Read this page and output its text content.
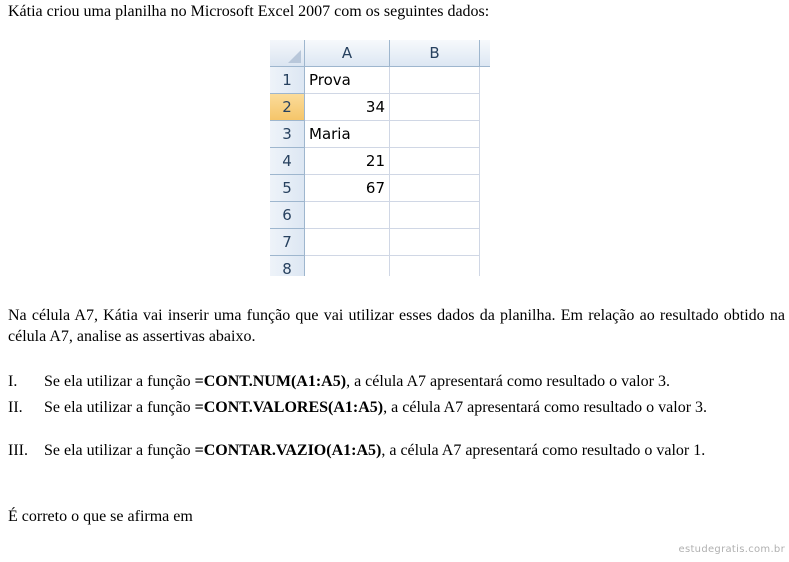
Kátia criou uma planilha no Microsoft Excel 2007 com os seguintes dados:

A	B
1	Prova
2	34
3	Maria
4	21
5	67
6
7
8

Na célula A7, Kátia vai inserir uma função que vai utilizar esses dados da planilha. Em relação ao resultado obtido na célula A7, analise as assertivas abaixo.

I.	Se ela utilizar a função =CONT.NUM(A1:A5), a célula A7 apresentará como resultado o valor 3.
II.	Se ela utilizar a função =CONT.VALORES(A1:A5), a célula A7 apresentará como resultado o valor 3.
III.	Se ela utilizar a função =CONTAR.VAZIO(A1:A5), a célula A7 apresentará como resultado o valor 1.

É correto o que se afirma em

estudegratis.com.br
